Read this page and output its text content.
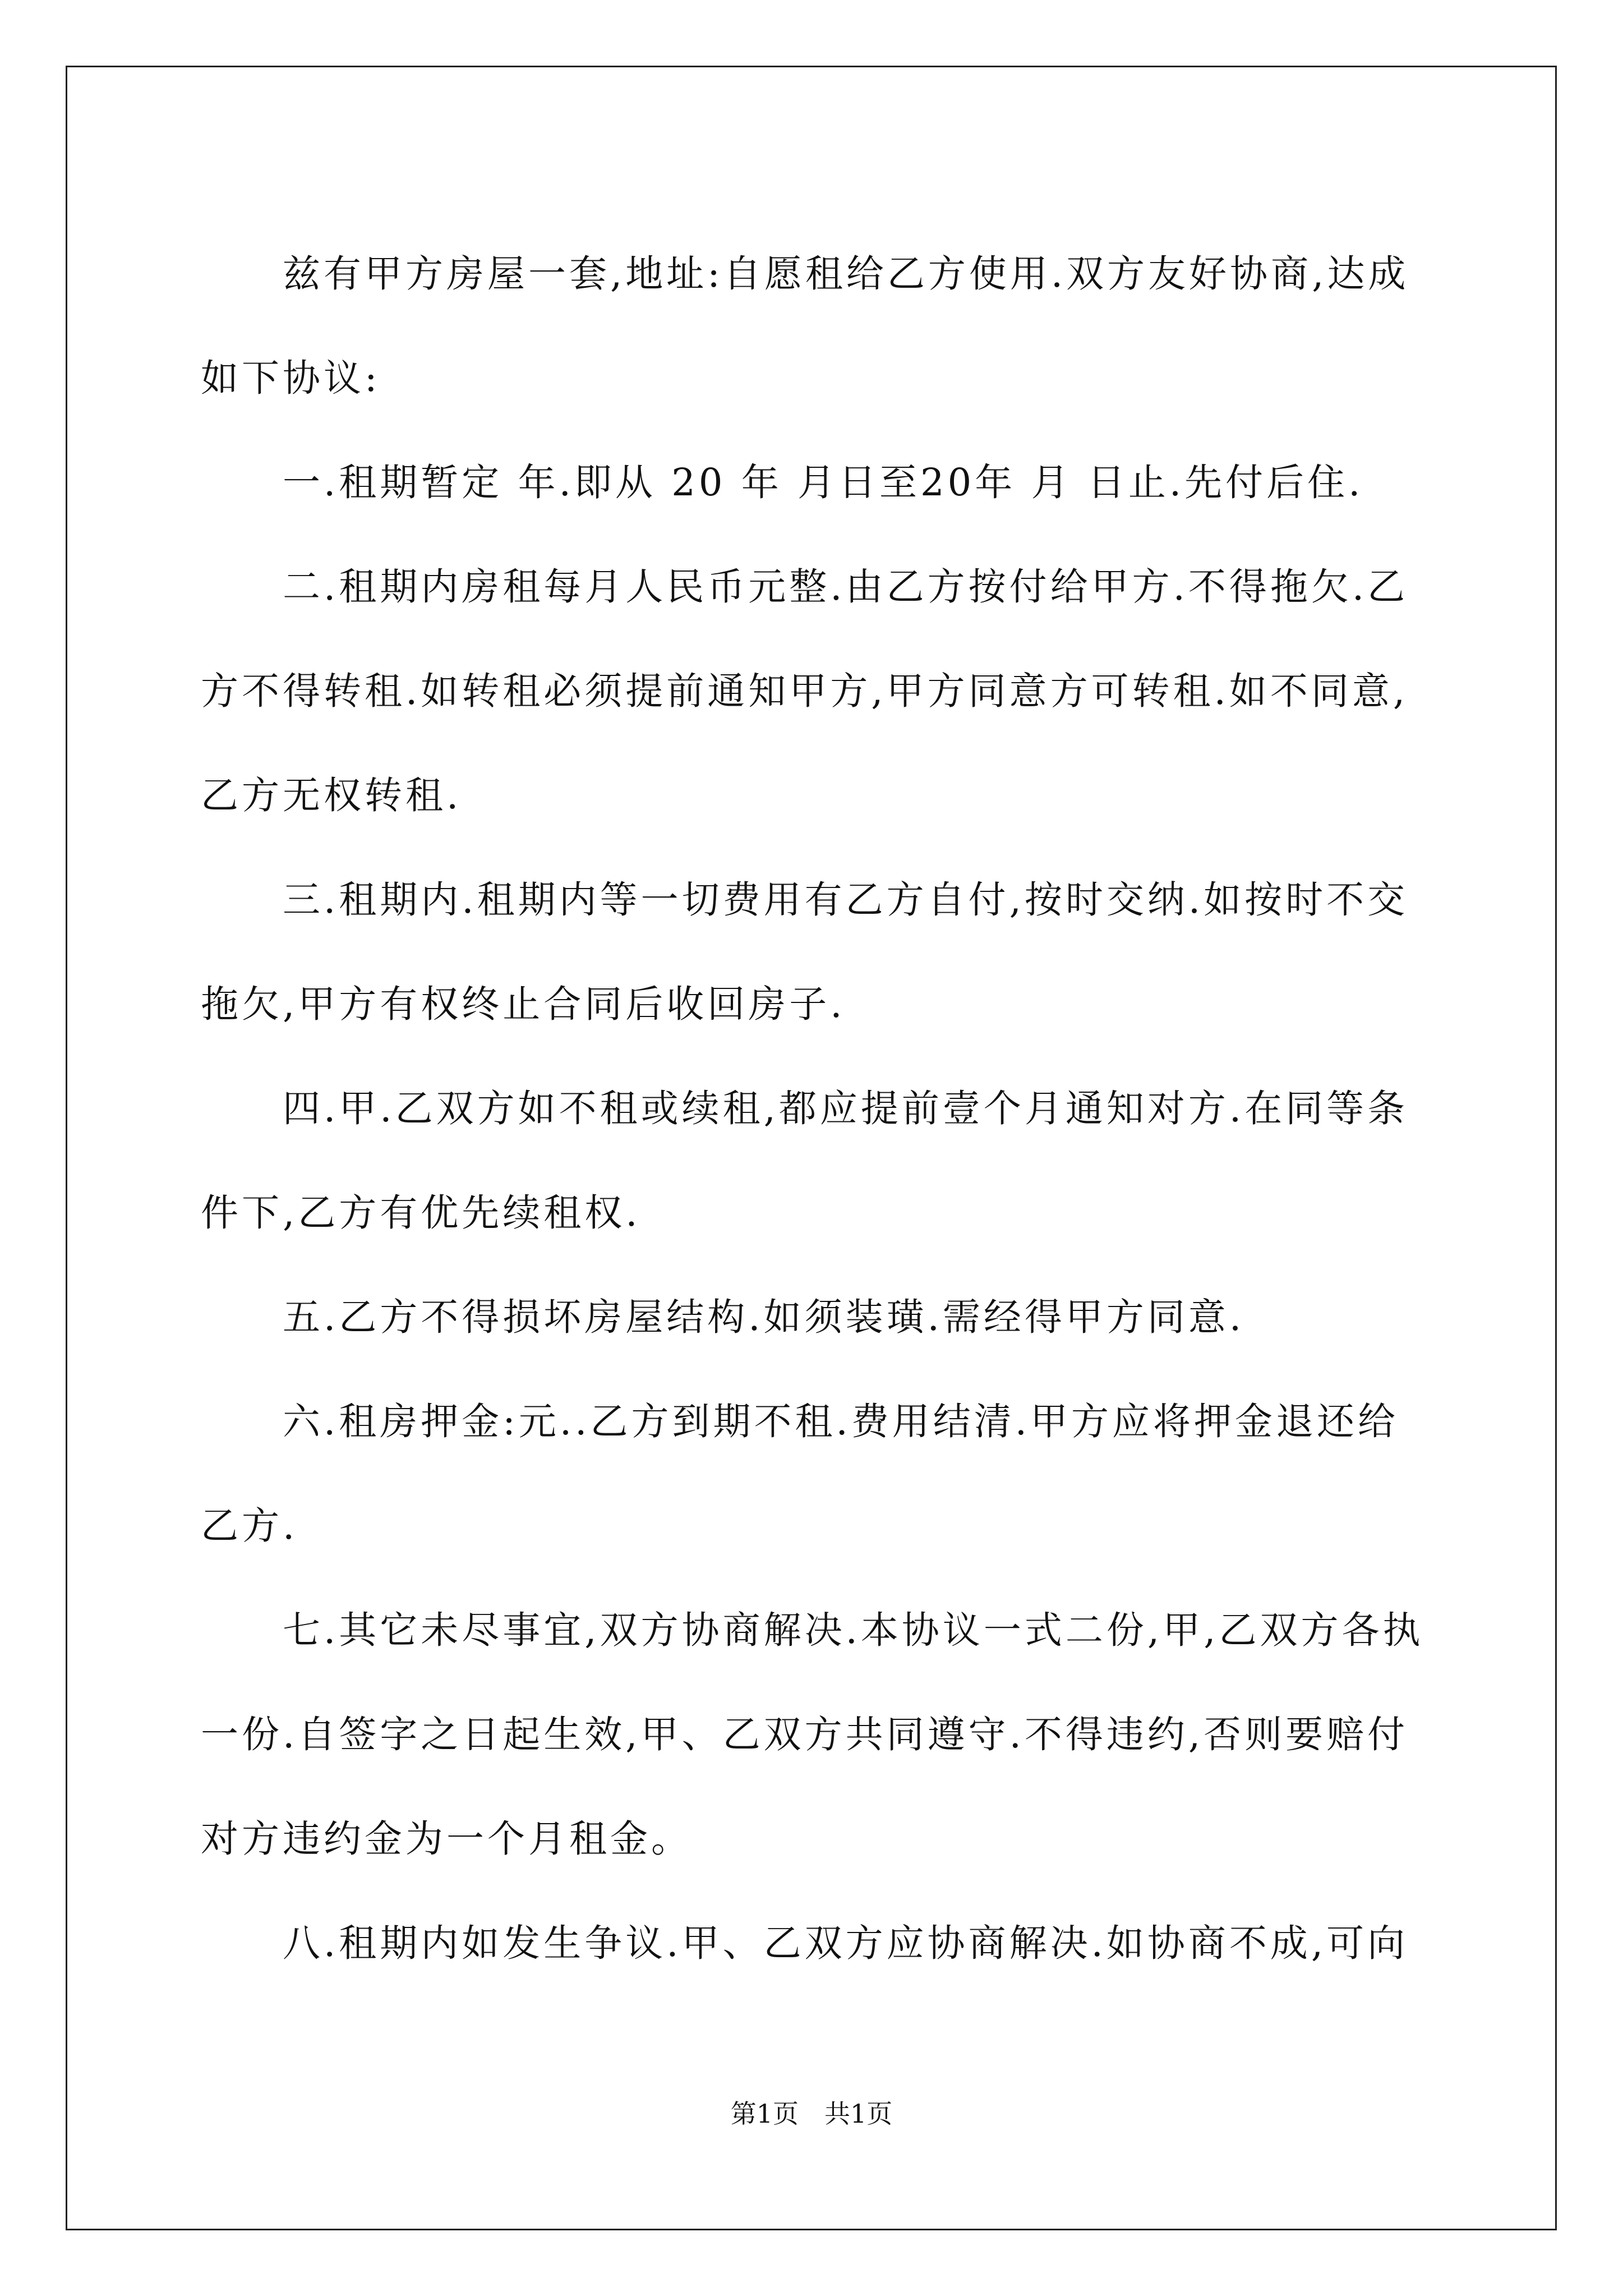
兹有甲方房屋一套,地址:自愿租给乙方使用.双方友好协商,达成如下协议:

一.租期暂定 年.即从 20 年 月日至20年 月 日止.先付后住.

二.租期内房租每月人民币元整.由乙方按付给甲方.不得拖欠.乙方不得转租.如转租必须提前通知甲方,甲方同意方可转租.如不同意,乙方无权转租.

三.租期内.租期内等一切费用有乙方自付,按时交纳.如按时不交拖欠,甲方有权终止合同后收回房子.

四.甲.乙双方如不租或续租,都应提前壹个月通知对方.在同等条件下,乙方有优先续租权.

五.乙方不得损坏房屋结构.如须装璜.需经得甲方同意.

六.租房押金:元..乙方到期不租.费用结清.甲方应将押金退还给乙方.

七.其它未尽事宜,双方协商解决.本协议一式二份,甲,乙双方各执一份.自签字之日起生效,甲、乙双方共同遵守.不得违约,否则要赔付对方违约金为一个月租金。

八.租期内如发生争议.甲、乙双方应协商解决.如协商不成,可向

第1页　共1页
